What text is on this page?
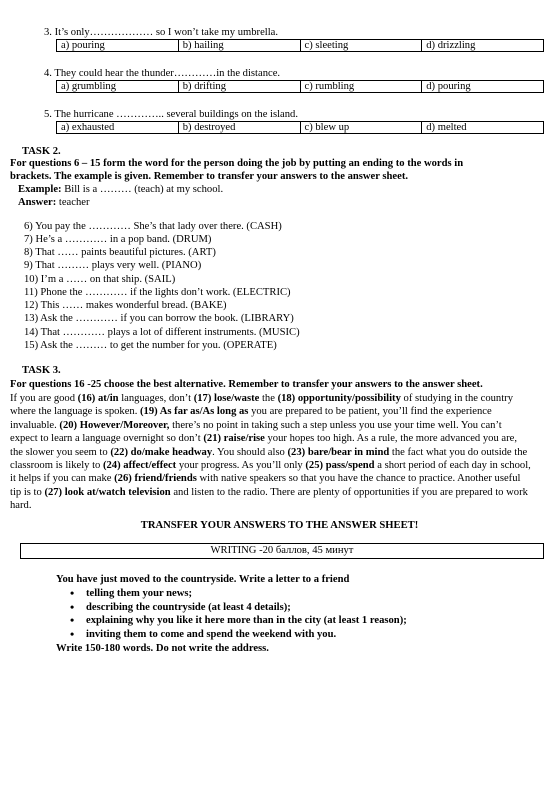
3. It’s only……………… so I won’t take my umbrella.
a) pouring	b) hailing	c) sleeting	d) drizzling
4. They could hear the thunder…………in the distance.
a) grumbling	b) drifting	c) rumbling	d) pouring
5. The hurricane ………….. several buildings on the island.
a) exhausted	b) destroyed	c) blew up	d) melted
TASK 2.
For questions 6 – 15 form the word for the person doing the job by putting an ending to the words in
brackets. The example is given. Remember to transfer your answers to the answer sheet.
Example: Bill is a ……… (teach) at my school.
Answer: teacher
6) You pay the ………… She’s that lady over there. (CASH)
7) He’s a ………… in a pop band. (DRUM)
8) That …… paints beautiful pictures. (ART)
9) That ……… plays very well. (PIANO)
10) I’m a …… on that ship. (SAIL)
11) Phone the ………… if the lights don’t work. (ELECTRIC)
12) This …… makes wonderful bread. (BAKE)
13) Ask the ………… if you can borrow the book. (LIBRARY)
14) That ………… plays a lot of different instruments. (MUSIC)
15) Ask the ……… to get the number for you. (OPERATE)
TASK 3.
For questions 16 -25 choose the best alternative. Remember to transfer your answers to the answer sheet.
If you are good (16) at/in languages, don’t (17) lose/waste the (18) opportunity/possibility of studying in the country where the language is spoken. (19) As far as/As long as you are prepared to be patient, you’ll find the experience invaluable. (20) However/Moreover, there’s no point in taking such a step unless you use your time well. You can’t expect to learn a language overnight so don’t (21) raise/rise your hopes too high. As a rule, the more advanced you are, the slower you seem to (22) do/make headway. You should also (23) bare/bear in mind the fact what you do outside the classroom is likely to (24) affect/effect your progress. As you’ll only (25) pass/spend a short period of each day in school, it helps if you can make (26) friend/friends with native speakers so that you have the chance to practice. Another useful tip is to (27) look at/watch television and listen to the radio. There are plenty of opportunities if you are prepared to work hard.
TRANSFER YOUR ANSWERS TO THE ANSWER SHEET!
WRITING -20 баллов, 45 минут
You have just moved to the countryside. Write a letter to a friend
• telling them your news;
• describing the countryside (at least 4 details);
• explaining why you like it here more than in the city (at least 1 reason);
• inviting them to come and spend the weekend with you.
Write 150-180 words. Do not write the address.
